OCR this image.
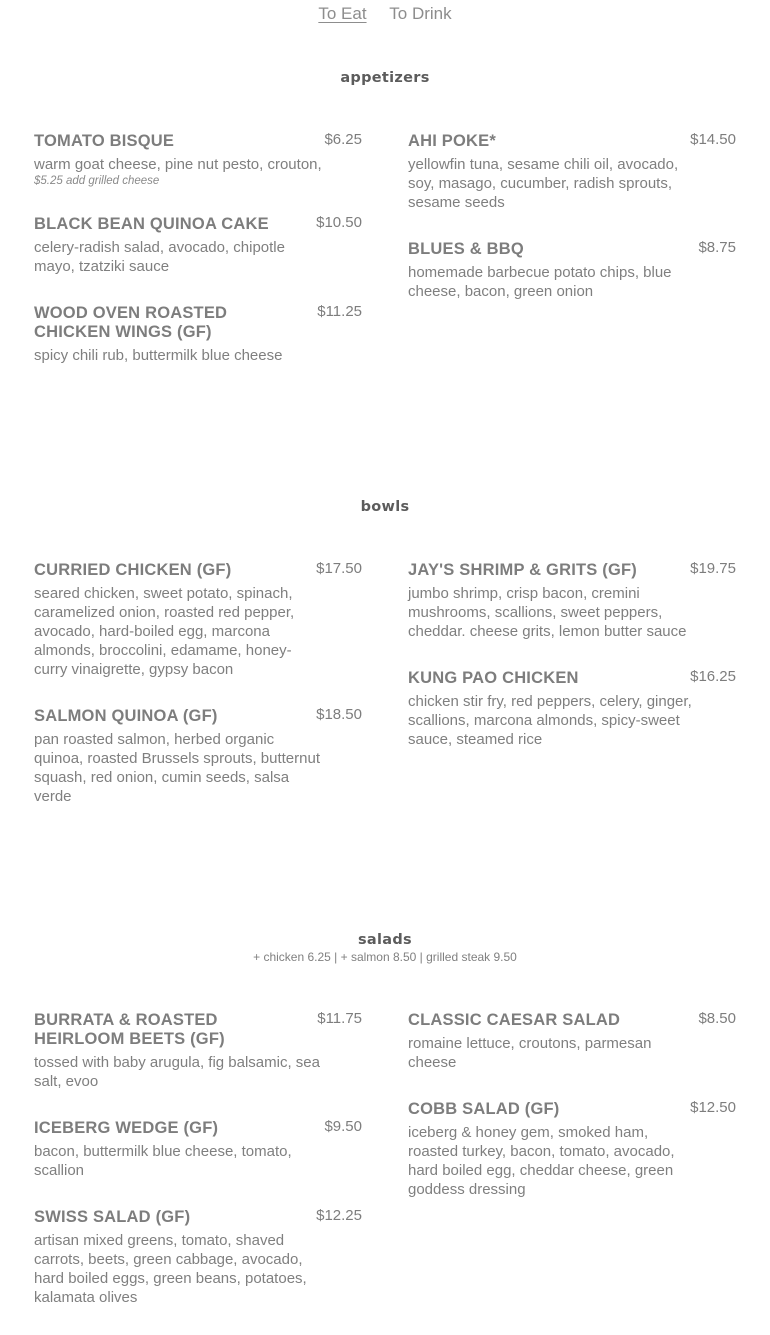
To Eat To Drink
appetizers
TOMATO BISQUE	$6.25
warm goat cheese, pine nut pesto, crouton,
$5.25 add grilled cheese
BLACK BEAN QUINOA CAKE	$10.50
celery-radish salad, avocado, chipotle mayo, tzatziki sauce
WOOD OVEN ROASTED CHICKEN WINGS (GF)
$11.25
spicy chili rub, buttermilk blue cheese
AHI POKE*	$14.50
yellowfin tuna, sesame chili oil, avocado, soy, masago, cucumber, radish sprouts, sesame seeds
BLUES & BBQ	$8.75
homemade barbecue potato chips, blue cheese, bacon, green onion
bowls
CURRIED CHICKEN (GF)	$17.50
seared chicken, sweet potato, spinach, caramelized onion, roasted red pepper, avocado, hard-boiled egg, marcona almonds, broccolini, edamame, honey-curry vinaigrette, gypsy bacon
SALMON QUINOA (GF)	$18.50
pan roasted salmon, herbed organic quinoa, roasted Brussels sprouts, butternut squash, red onion, cumin seeds, salsa verde
JAY'S SHRIMP & GRITS (GF)	$19.75
jumbo shrimp, crisp bacon, cremini mushrooms, scallions, sweet peppers, cheddar. cheese grits, lemon butter sauce
KUNG PAO CHICKEN	$16.25
chicken stir fry, red peppers, celery, ginger, scallions, marcona almonds, spicy-sweet sauce, steamed rice
salads
+ chicken 6.25 | + salmon 8.50 | grilled steak 9.50
BURRATA & ROASTED HEIRLOOM BEETS (GF)
$11.75
tossed with baby arugula, fig balsamic, sea salt, evoo
ICEBERG WEDGE (GF)	$9.50
bacon, buttermilk blue cheese, tomato, scallion
SWISS SALAD (GF)	$12.25
artisan mixed greens, tomato, shaved carrots, beets, green cabbage, avocado, hard boiled eggs, green beans, potatoes, kalamata olives
CLASSIC CAESAR SALAD	$8.50
romaine lettuce, croutons, parmesan cheese
COBB SALAD (GF)	$12.50
iceberg & honey gem, smoked ham, roasted turkey, bacon, tomato, avocado, hard boiled egg, cheddar cheese, green goddess dressing
